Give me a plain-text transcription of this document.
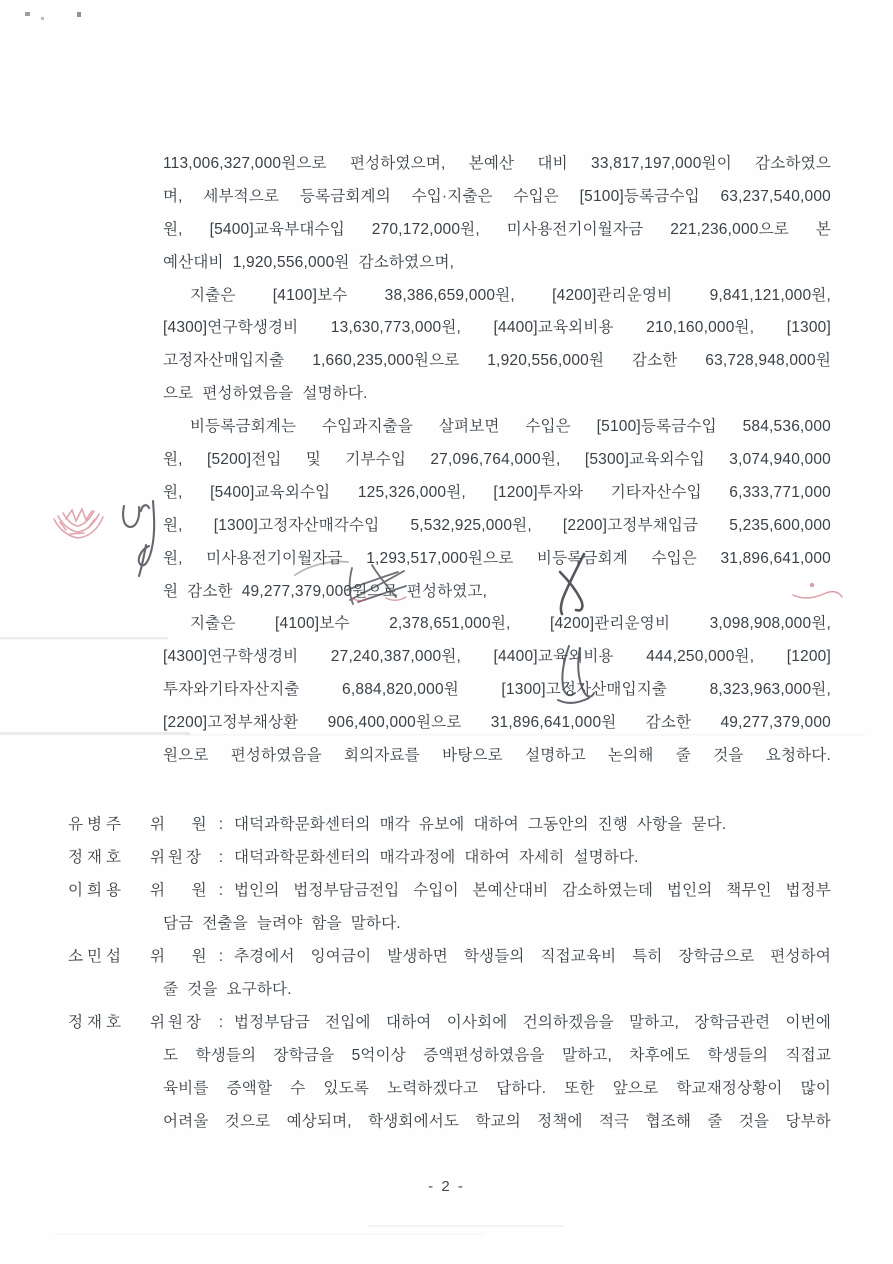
113,006,327,000원으로 편성하였으며, 본예산 대비 33,817,197,000원이 감소하였으
며, 세부적으로 등록금회계의 수입·지출은 수입은 [5100]등록금수입 63,237,540,000
원, [5400]교육부대수입 270,172,000원, 미사용전기이월자금 221,236,000으로 본
예산대비 1,920,556,000원 감소하였으며,
지출은 [4100]보수 38,386,659,000원, [4200]관리운영비 9,841,121,000원,
[4300]연구학생경비 13,630,773,000원, [4400]교육외비용 210,160,000원, [1300]
고정자산매입지출 1,660,235,000원으로 1,920,556,000원 감소한 63,728,948,000원
으로 편성하였음을 설명하다.
비등록금회계는 수입과지출을 살펴보면 수입은 [5100]등록금수입 584,536,000
원, [5200]전입 및 기부수입 27,096,764,000원, [5300]교육외수입 3,074,940,000
원, [5400]교육외수입 125,326,000원, [1200]투자와 기타자산수입 6,333,771,000
원, [1300]고정자산매각수입 5,532,925,000원, [2200]고정부채입금 5,235,600,000
원, 미사용전기이월자금 1,293,517,000원으로 비등록금회계 수입은 31,896,641,000
원 감소한 49,277,379,000원으로 편성하였고,
지출은 [4100]보수 2,378,651,000원, [4200]관리운영비 3,098,908,000원,
[4300]연구학생경비 27,240,387,000원, [4400]교육외비용 444,250,000원, [1200]
투자와기타자산지출 6,884,820,000원 [1300]고정자산매입지출 8,323,963,000원,
[2200]고정부채상환 906,400,000원으로 31,896,641,000원 감소한 49,277,379,000
원으로 편성하였음을 회의자료를 바탕으로 설명하고 논의해 줄 것을 요청하다.
유병주	위  원 : 대덕과학문화센터의 매각 유보에 대하여 그동안의 진행 사항을 묻다.
정재호	위원장 : 대덕과학문화센터의 매각과정에 대하여 자세히 설명하다.
이희용	위  원 : 법인의 법정부담금전입 수입이 본예산대비 감소하였는데 법인의 책무인 법정부
담금 전출을 늘려야 함을 말하다.
소민섭	위  원 : 추경에서 잉여금이 발생하면 학생들의 직접교육비 특히 장학금으로 편성하여
줄 것을 요구하다.
정재호	위원장 : 법정부담금 전입에 대하여 이사회에 건의하겠음을 말하고, 장학금관련 이번에
도 학생들의 장학금을 5억이상 증액편성하였음을 말하고, 차후에도 학생들의 직접교
육비를 증액할 수 있도록 노력하겠다고 답하다. 또한 앞으로 학교재정상황이 많이
어려울 것으로 예상되며, 학생회에서도 학교의 정책에 적극 협조해 줄 것을 당부하
- 2 -
